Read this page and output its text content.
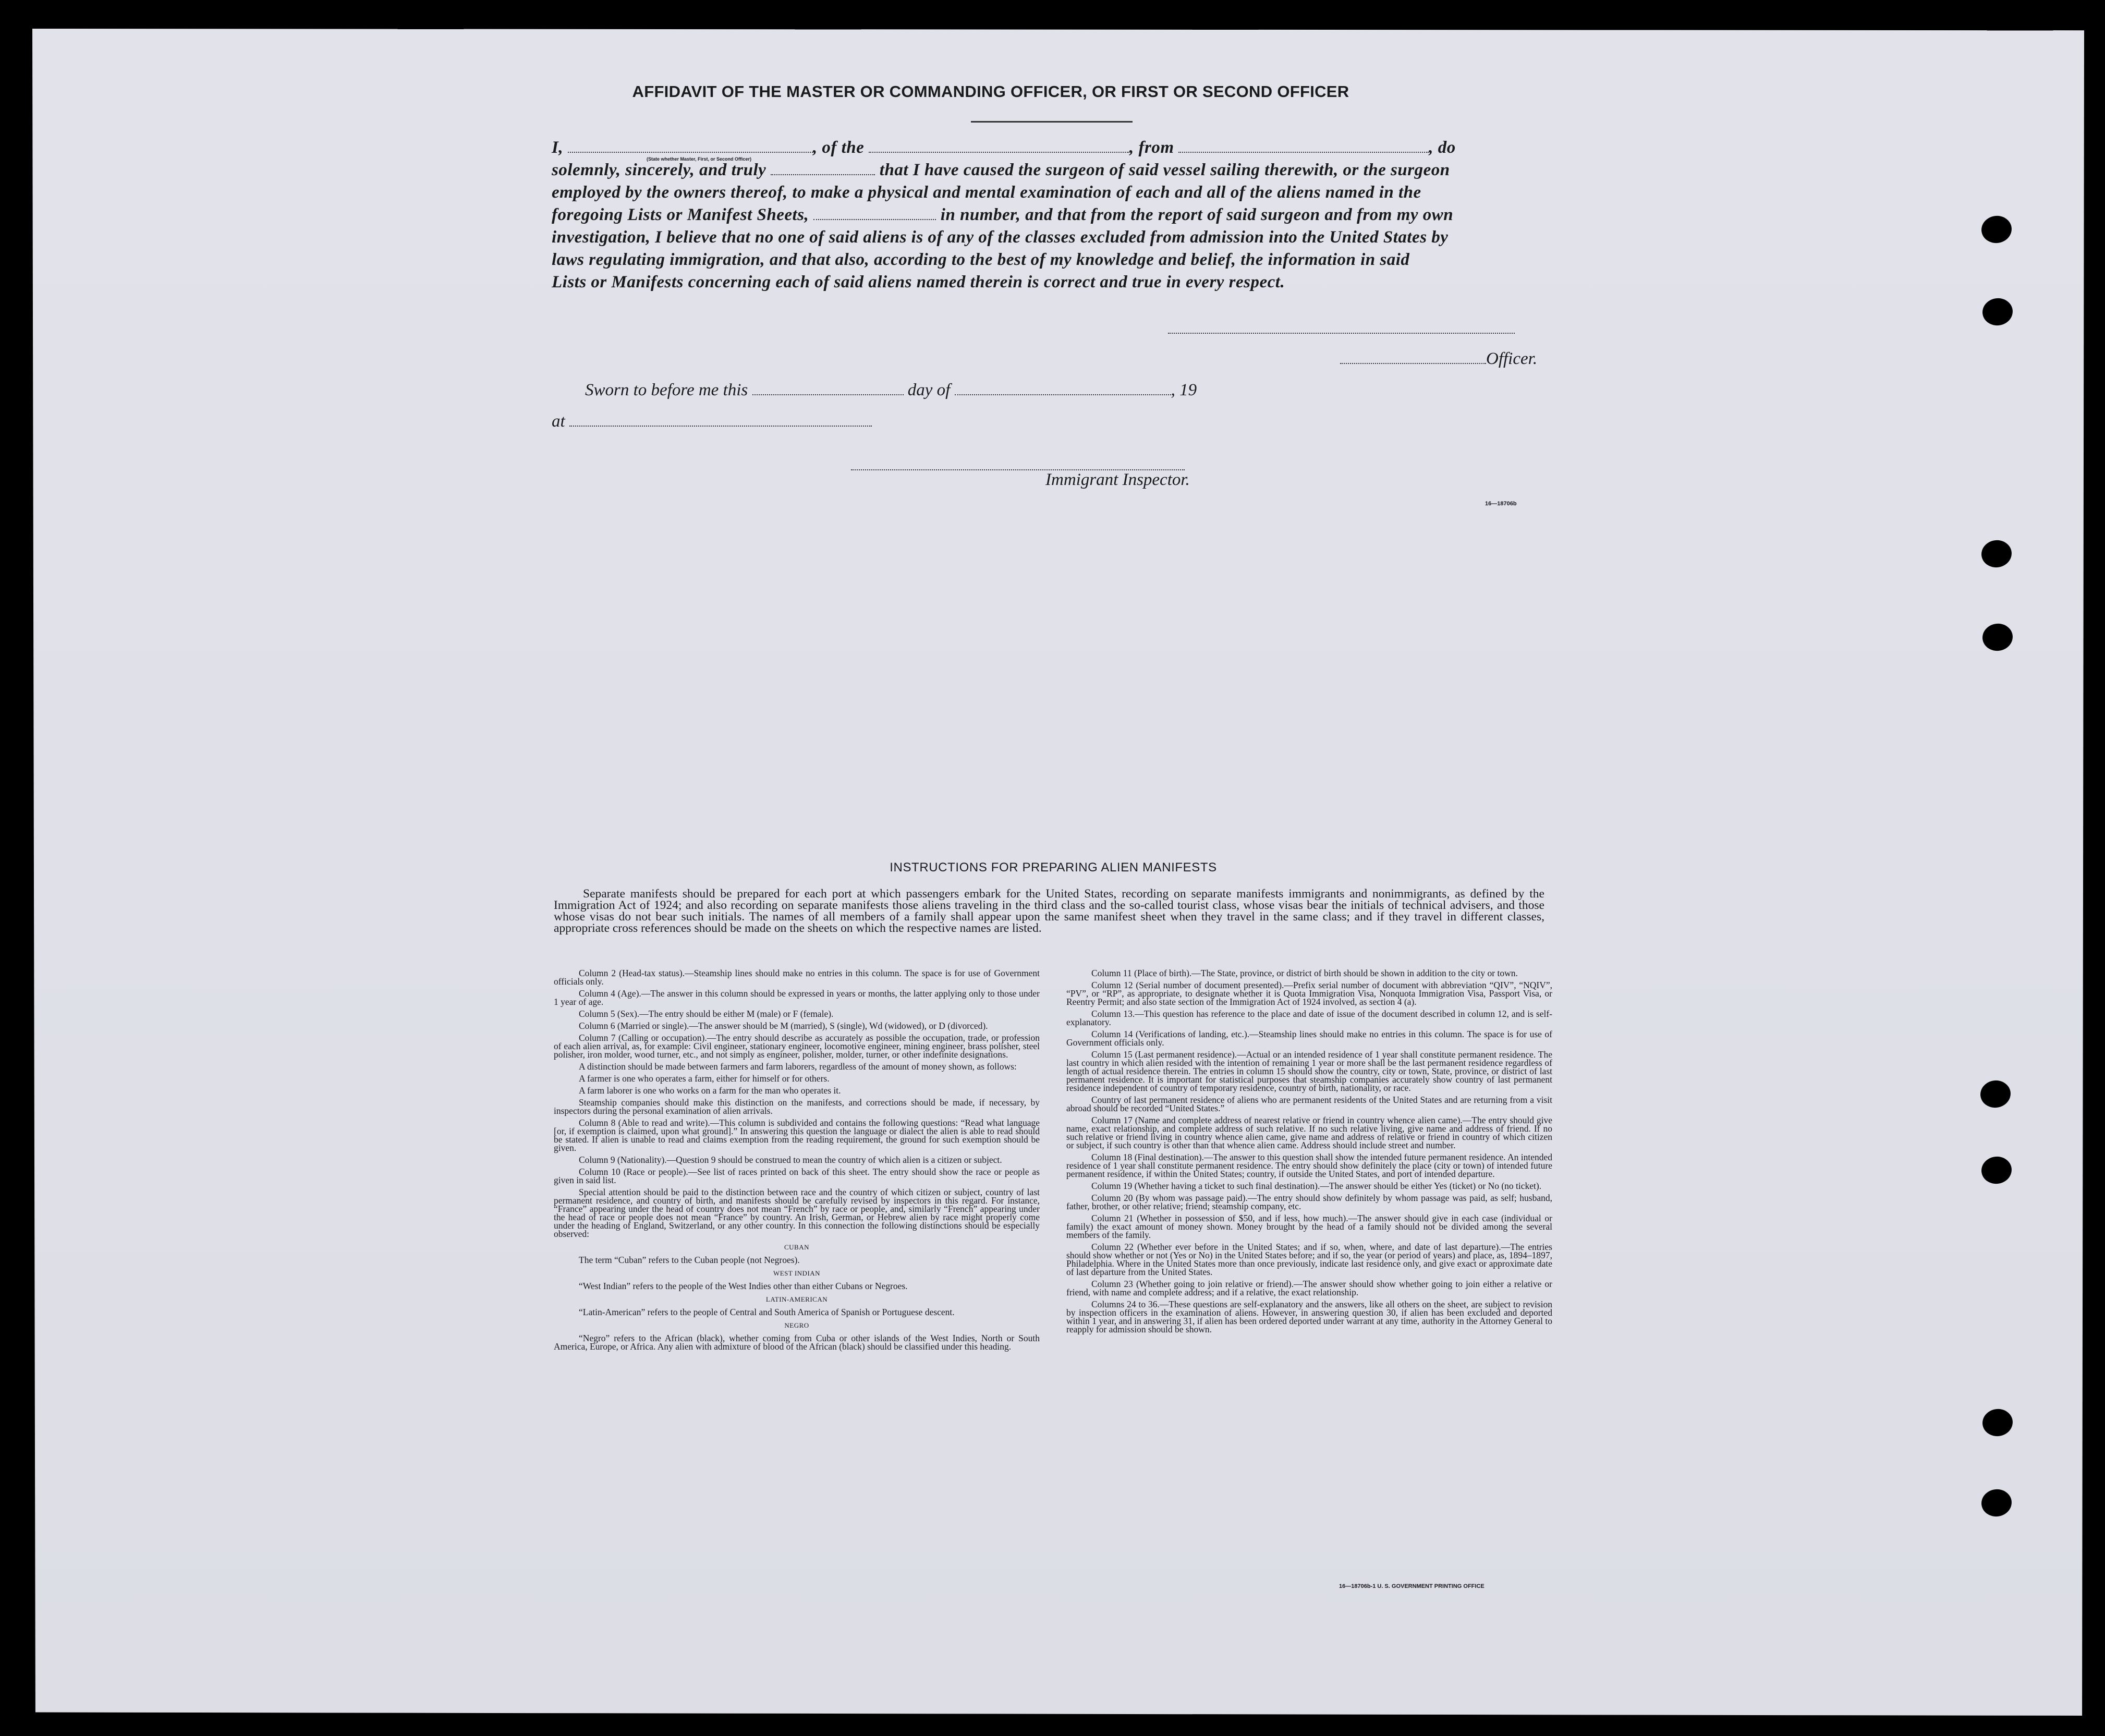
AFFIDAVIT OF THE MASTER OR COMMANDING OFFICER, OR FIRST OR SECOND OFFICER
I,	, of the	, from	, do
(State whether Master, First, or Second Officer)
solemnly, sincerely, and truly	that I have caused the surgeon of said vessel sailing therewith, or the surgeon
employed by the owners thereof, to make a physical and mental examination of each and all of the aliens named in the
foregoing Lists or Manifest Sheets,	in number, and that from the report of said surgeon and from my own
investigation, I believe that no one of said aliens is of any of the classes excluded from admission into the United States by
laws regulating immigration, and that also, according to the best of my knowledge and belief, the information in said
Lists or Manifests concerning each of said aliens named therein is correct and true in every respect.
Officer.
Sworn to before me this	day of	, 19
at
Immigrant Inspector.
16—18706b
INSTRUCTIONS FOR PREPARING ALIEN MANIFESTS
Separate manifests should be prepared for each port at which passengers embark for the United States, recording on separate manifests immigrants and nonimmigrants, as defined by the Immigration Act of 1924; and also recording on separate manifests those aliens traveling in the third class and the so-called tourist class, whose visas bear the initials of technical advisers, and those whose visas do not bear such initials. The names of all members of a family shall appear upon the same manifest sheet when they travel in the same class; and if they travel in different classes, appropriate cross references should be made on the sheets on which the respective names are listed.

Column 2 (Head-tax status).—Steamship lines should make no entries in this column. The space is for use of Government officials only.

Column 4 (Age).—The answer in this column should be expressed in years or months, the latter applying only to those under 1 year of age.

Column 5 (Sex).—The entry should be either M (male) or F (female).

Column 6 (Married or single).—The answer should be M (married), S (single), Wd (widowed), or D (divorced).

Column 7 (Calling or occupation).—The entry should describe as accurately as possible the occupation, trade, or profession of each alien arrival, as, for example: Civil engineer, stationary engineer, locomotive engineer, mining engineer, brass polisher, steel polisher, iron molder, wood turner, etc., and not simply as engineer, polisher, molder, turner, or other indefinite designations.

A distinction should be made between farmers and farm laborers, regardless of the amount of money shown, as follows:

A farmer is one who operates a farm, either for himself or for others.

A farm laborer is one who works on a farm for the man who operates it.

Steamship companies should make this distinction on the manifests, and corrections should be made, if necessary, by inspectors during the personal examination of alien arrivals.

Column 8 (Able to read and write).—This column is subdivided and contains the following questions: “Read what language [or, if exemption is claimed, upon what ground].” In answering this question the language or dialect the alien is able to read should be stated. If alien is unable to read and claims exemption from the reading requirement, the ground for such exemption should be given.

Column 9 (Nationality).—Question 9 should be construed to mean the country of which alien is a citizen or subject.

Column 10 (Race or people).—See list of races printed on back of this sheet. The entry should show the race or people as given in said list.

Special attention should be paid to the distinction between race and the country of which citizen or subject, country of last permanent residence, and country of birth, and manifests should be carefully revised by inspectors in this regard. For instance, “France” appearing under the head of country does not mean “French” by race or people, and, similarly “French” appearing under the head of race or people does not mean “France” by country. An Irish, German, or Hebrew alien by race might properly come under the heading of England, Switzerland, or any other country. In this connection the following distinctions should be especially observed:

CUBAN

The term “Cuban” refers to the Cuban people (not Negroes).

WEST INDIAN

“West Indian” refers to the people of the West Indies other than either Cubans or Negroes.

LATIN-AMERICAN

“Latin-American” refers to the people of Central and South America of Spanish or Portuguese descent.

NEGRO

“Negro” refers to the African (black), whether coming from Cuba or other islands of the West Indies, North or South America, Europe, or Africa. Any alien with admixture of blood of the African (black) should be classified under this heading.

Column 11 (Place of birth).—The State, province, or district of birth should be shown in addition to the city or town.

Column 12 (Serial number of document presented).—Prefix serial number of document with abbreviation “QIV”, “NQIV”, “PV”, or “RP”, as appropriate, to designate whether it is Quota Immigration Visa, Nonquota Immigration Visa, Passport Visa, or Reentry Permit; and also state section of the Immigration Act of 1924 involved, as section 4 (a).

Column 13.—This question has reference to the place and date of issue of the document described in column 12, and is self-explanatory.

Column 14 (Verifications of landing, etc.).—Steamship lines should make no entries in this column. The space is for use of Government officials only.

Column 15 (Last permanent residence).—Actual or an intended residence of 1 year shall constitute permanent residence. The last country in which alien resided with the intention of remaining 1 year or more shall be the last permanent residence regardless of length of actual residence therein. The entries in column 15 should show the country, city or town, State, province, or district of last permanent residence. It is important for statistical purposes that steamship companies accurately show country of last permanent residence independent of country of temporary residence, country of birth, nationality, or race.

Country of last permanent residence of aliens who are permanent residents of the United States and are returning from a visit abroad should be recorded “United States.”

Column 17 (Name and complete address of nearest relative or friend in country whence alien came).—The entry should give name, exact relationship, and complete address of such relative. If no such relative living, give name and address of friend. If no such relative or friend living in country whence alien came, give name and address of relative or friend in country of which citizen or subject, if such country is other than that whence alien came. Address should include street and number.

Column 18 (Final destination).—The answer to this question shall show the intended future permanent residence. An intended residence of 1 year shall constitute permanent residence. The entry should show definitely the place (city or town) of intended future permanent residence, if within the United States; country, if outside the United States, and port of intended departure.

Column 19 (Whether having a ticket to such final destination).—The answer should be either Yes (ticket) or No (no ticket).

Column 20 (By whom was passage paid).—The entry should show definitely by whom passage was paid, as self; husband, father, brother, or other relative; friend; steamship company, etc.

Column 21 (Whether in possession of $50, and if less, how much).—The answer should give in each case (individual or family) the exact amount of money shown. Money brought by the head of a family should not be divided among the several members of the family.

Column 22 (Whether ever before in the United States; and if so, when, where, and date of last departure).—The entries should show whether or not (Yes or No) in the United States before; and if so, the year (or period of years) and place, as, 1894–1897, Philadelphia. Where in the United States more than once previously, indicate last residence only, and give exact or approximate date of last departure from the United States.

Column 23 (Whether going to join relative or friend).—The answer should show whether going to join either a relative or friend, with name and complete address; and if a relative, the exact relationship.

Columns 24 to 36.—These questions are self-explanatory and the answers, like all others on the sheet, are subject to revision by inspection officers in the examination of aliens. However, in answering question 30, if alien has been excluded and deported within 1 year, and in answering 31, if alien has been ordered deported under warrant at any time, authority in the Attorney General to reapply for admission should be shown.

16—18706b-1 U. S. GOVERNMENT PRINTING OFFICE
